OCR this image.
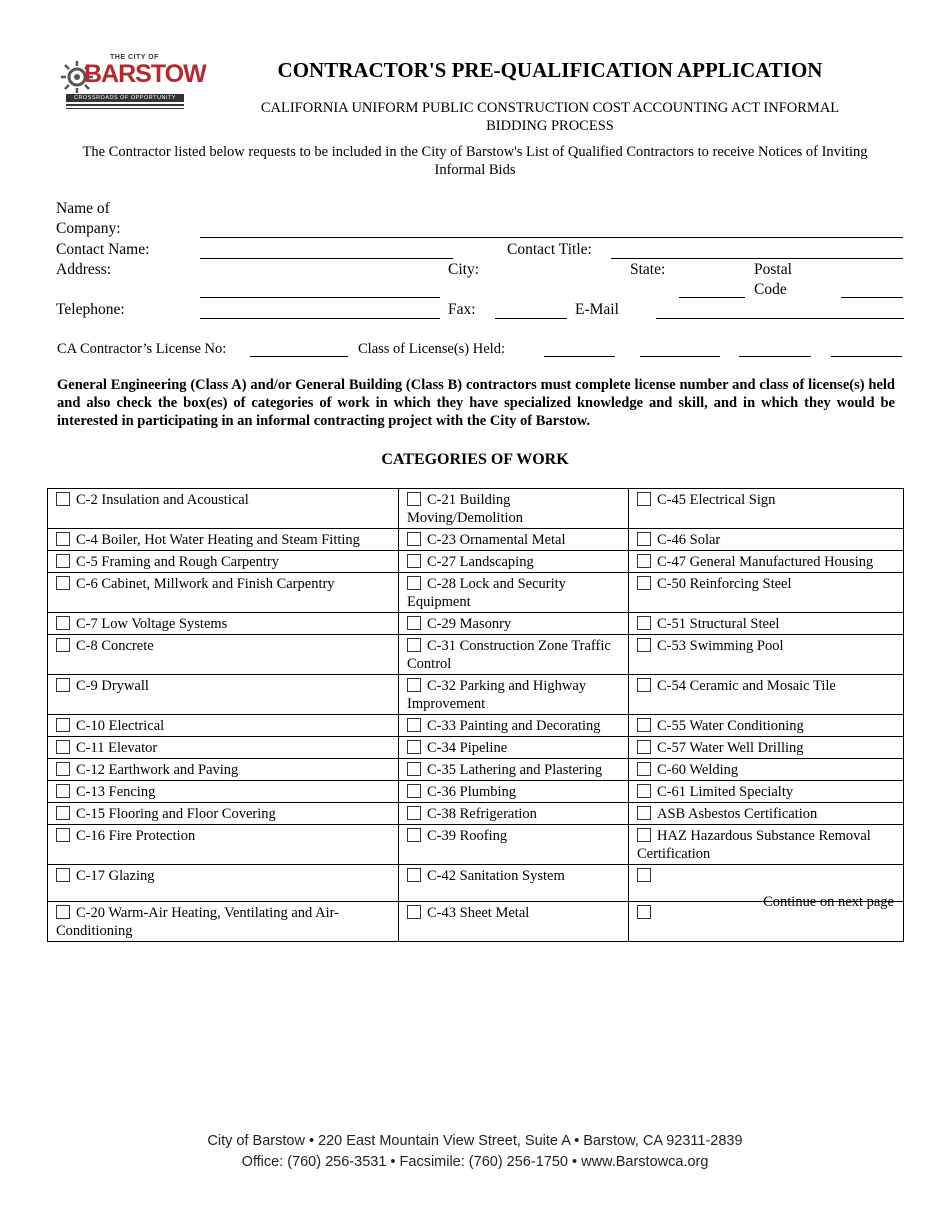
THE CITY OF
BARSTOW
CROSSROADS OF OPPORTUNITY
CONTRACTOR'S PRE-QUALIFICATION APPLICATION
CALIFORNIA UNIFORM PUBLIC CONSTRUCTION COST ACCOUNTING ACT INFORMAL BIDDING PROCESS
The Contractor listed below requests to be included in the City of Barstow's List of Qualified Contractors to receive Notices of Inviting Informal Bids
Name of Company:
Contact Name:	Contact Title:
Address:	City:	State:	Postal Code
Telephone:	Fax:	E-Mail
CA Contractor’s License No:	Class of License(s) Held:
General Engineering (Class A) and/or General Building (Class B) contractors must complete license number and class of license(s) held and also check the box(es) of categories of work in which they have specialized knowledge and skill, and in which they would be interested in participating in an informal contracting project with the City of Barstow.
CATEGORIES OF WORK
C-2 Insulation and Acoustical	C-21 Building Moving/Demolition	C-45 Electrical Sign
C-4 Boiler, Hot Water Heating and Steam Fitting	C-23 Ornamental Metal	C-46 Solar
C-5 Framing and Rough Carpentry	C-27 Landscaping	C-47 General Manufactured Housing
C-6 Cabinet, Millwork and Finish Carpentry	C-28 Lock and Security Equipment	C-50 Reinforcing Steel
C-7 Low Voltage Systems	C-29 Masonry	C-51 Structural Steel
C-8 Concrete	C-31 Construction Zone Traffic Control	C-53 Swimming Pool
C-9 Drywall	C-32 Parking and Highway Improvement	C-54 Ceramic and Mosaic Tile
C-10 Electrical	C-33 Painting and Decorating	C-55 Water Conditioning
C-11 Elevator	C-34 Pipeline	C-57 Water Well Drilling
C-12 Earthwork and Paving	C-35 Lathering and Plastering	C-60 Welding
C-13 Fencing	C-36 Plumbing	C-61 Limited Specialty
C-15 Flooring and Floor Covering	C-38 Refrigeration	ASB Asbestos Certification
C-16 Fire Protection	C-39 Roofing	HAZ Hazardous Substance Removal Certification
C-17 Glazing	C-42 Sanitation System	
C-20 Warm-Air Heating, Ventilating and Air-Conditioning	C-43 Sheet Metal	
Continue on next page
City of Barstow • 220 East Mountain View Street, Suite A • Barstow, CA 92311-2839
Office: (760) 256-3531 • Facsimile: (760) 256-1750 • www.Barstowca.org
